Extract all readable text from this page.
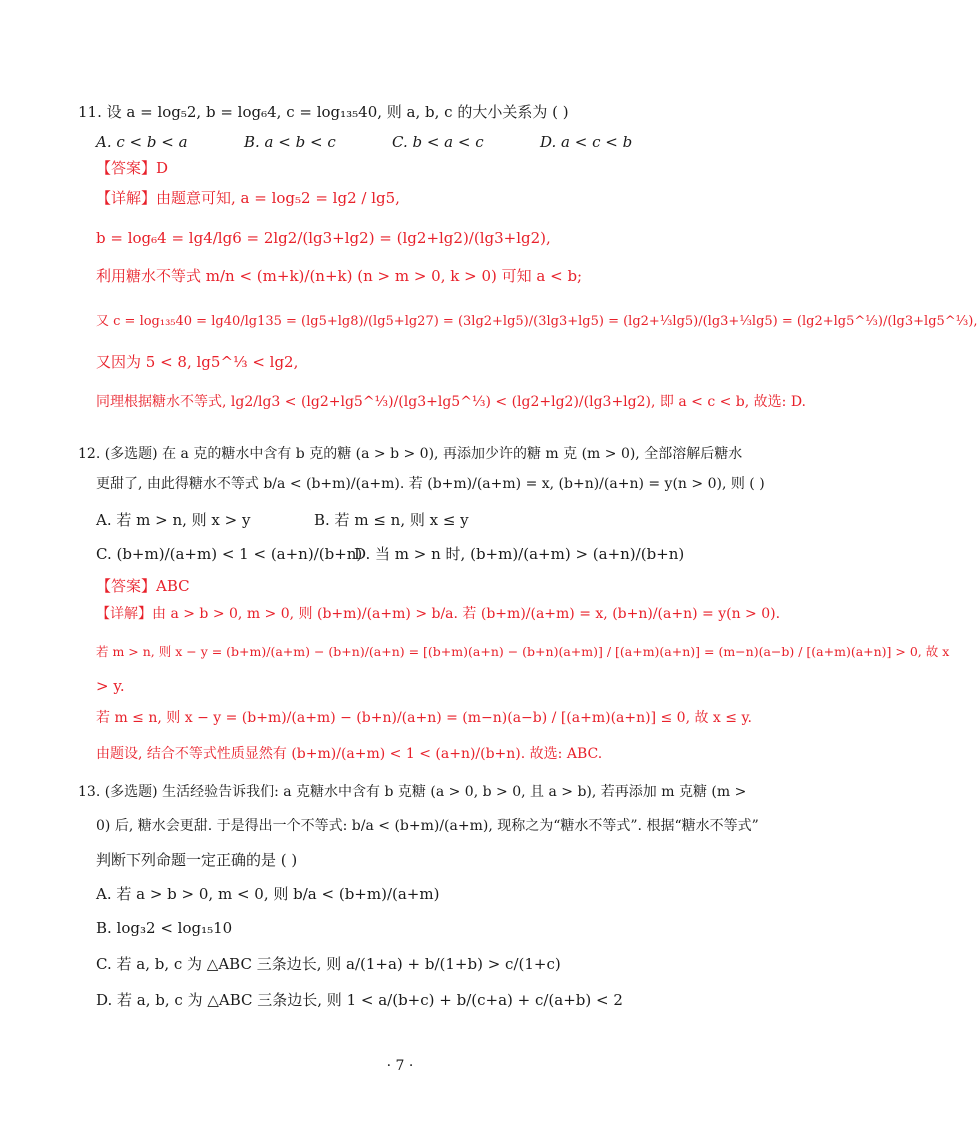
11. 设 a = log₅2, b = log₆4, c = log₁₃₅40, 则 a, b, c 的大小关系为 ( )
A. c < b < a	B. a < b < c	C. b < a < c	D. a < c < b
【答案】D
【详解】由题意可知, a = log₅2 = lg2 / lg5,
b = log₆4 = lg4/lg6 = 2lg2/(lg3+lg2) = (lg2+lg2)/(lg3+lg2),
利用糖水不等式 m/n < (m+k)/(n+k) (n > m > 0, k > 0) 可知 a < b;
又 c = log₁₃₅40 = lg40/lg135 = (lg5+lg8)/(lg5+lg27) = (3lg2+lg5)/(3lg3+lg5) = (lg2+⅓lg5)/(lg3+⅓lg5) = (lg2+lg5^⅓)/(lg3+lg5^⅓),
又因为 5 < 8, lg5^⅓ < lg2,
同理根据糖水不等式, lg2/lg3 < (lg2+lg5^⅓)/(lg3+lg5^⅓) < (lg2+lg2)/(lg3+lg2), 即 a < c < b, 故选: D.
12. (多选题) 在 a 克的糖水中含有 b 克的糖 (a > b > 0), 再添加少许的糖 m 克 (m > 0), 全部溶解后糖水
更甜了, 由此得糖水不等式 b/a < (b+m)/(a+m). 若 (b+m)/(a+m) = x, (b+n)/(a+n) = y(n > 0), 则 ( )
A. 若 m > n, 则 x > y	B. 若 m ≤ n, 则 x ≤ y
C. (b+m)/(a+m) < 1 < (a+n)/(b+n)
D. 当 m > n 时, (b+m)/(a+m) > (a+n)/(b+n)
【答案】ABC
【详解】由 a > b > 0, m > 0, 则 (b+m)/(a+m) > b/a. 若 (b+m)/(a+m) = x, (b+n)/(a+n) = y(n > 0).
若 m > n, 则 x − y = (b+m)/(a+m) − (b+n)/(a+n) = [(b+m)(a+n) − (b+n)(a+m)] / [(a+m)(a+n)] = (m−n)(a−b) / [(a+m)(a+n)] > 0, 故 x
> y.
若 m ≤ n, 则 x − y = (b+m)/(a+m) − (b+n)/(a+n) = (m−n)(a−b) / [(a+m)(a+n)] ≤ 0, 故 x ≤ y.
由题设, 结合不等式性质显然有 (b+m)/(a+m) < 1 < (a+n)/(b+n). 故选: ABC.
13. (多选题) 生活经验告诉我们: a 克糖水中含有 b 克糖 (a > 0, b > 0, 且 a > b), 若再添加 m 克糖 (m >
0) 后, 糖水会更甜. 于是得出一个不等式: b/a < (b+m)/(a+m), 现称之为“糖水不等式”. 根据“糖水不等式”
判断下列命题一定正确的是 ( )
A. 若 a > b > 0, m < 0, 则 b/a < (b+m)/(a+m)
B. log₃2 < log₁₅10
C. 若 a, b, c 为 △ABC 三条边长, 则 a/(1+a) + b/(1+b) > c/(1+c)
D. 若 a, b, c 为 △ABC 三条边长, 则 1 < a/(b+c) + b/(c+a) + c/(a+b) < 2
· 7 ·
